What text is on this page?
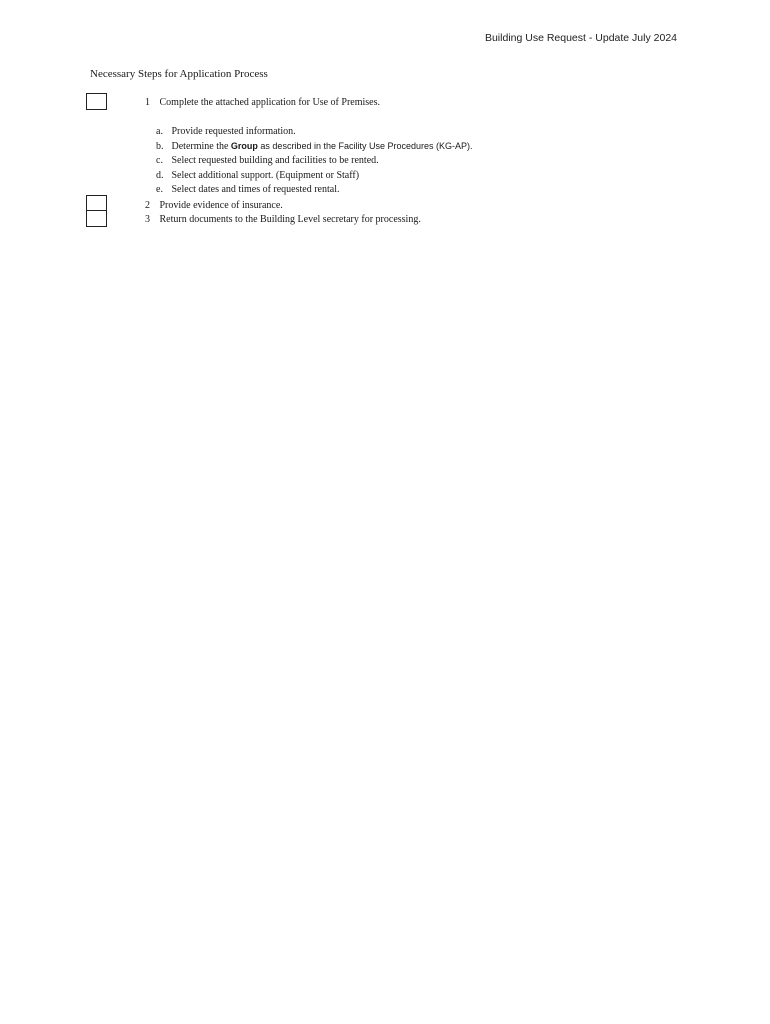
Building Use Request - Update July 2024
Necessary Steps for Application Process
1 Complete the attached application for Use of Premises.
a. Provide requested information.
b. Determine the Group as described in the Facility Use Procedures (KG-AP).
c. Select requested building and facilities to be rented.
d. Select additional support. (Equipment or Staff)
e. Select dates and times of requested rental.
2 Provide evidence of insurance.
3 Return documents to the Building Level secretary for processing.
